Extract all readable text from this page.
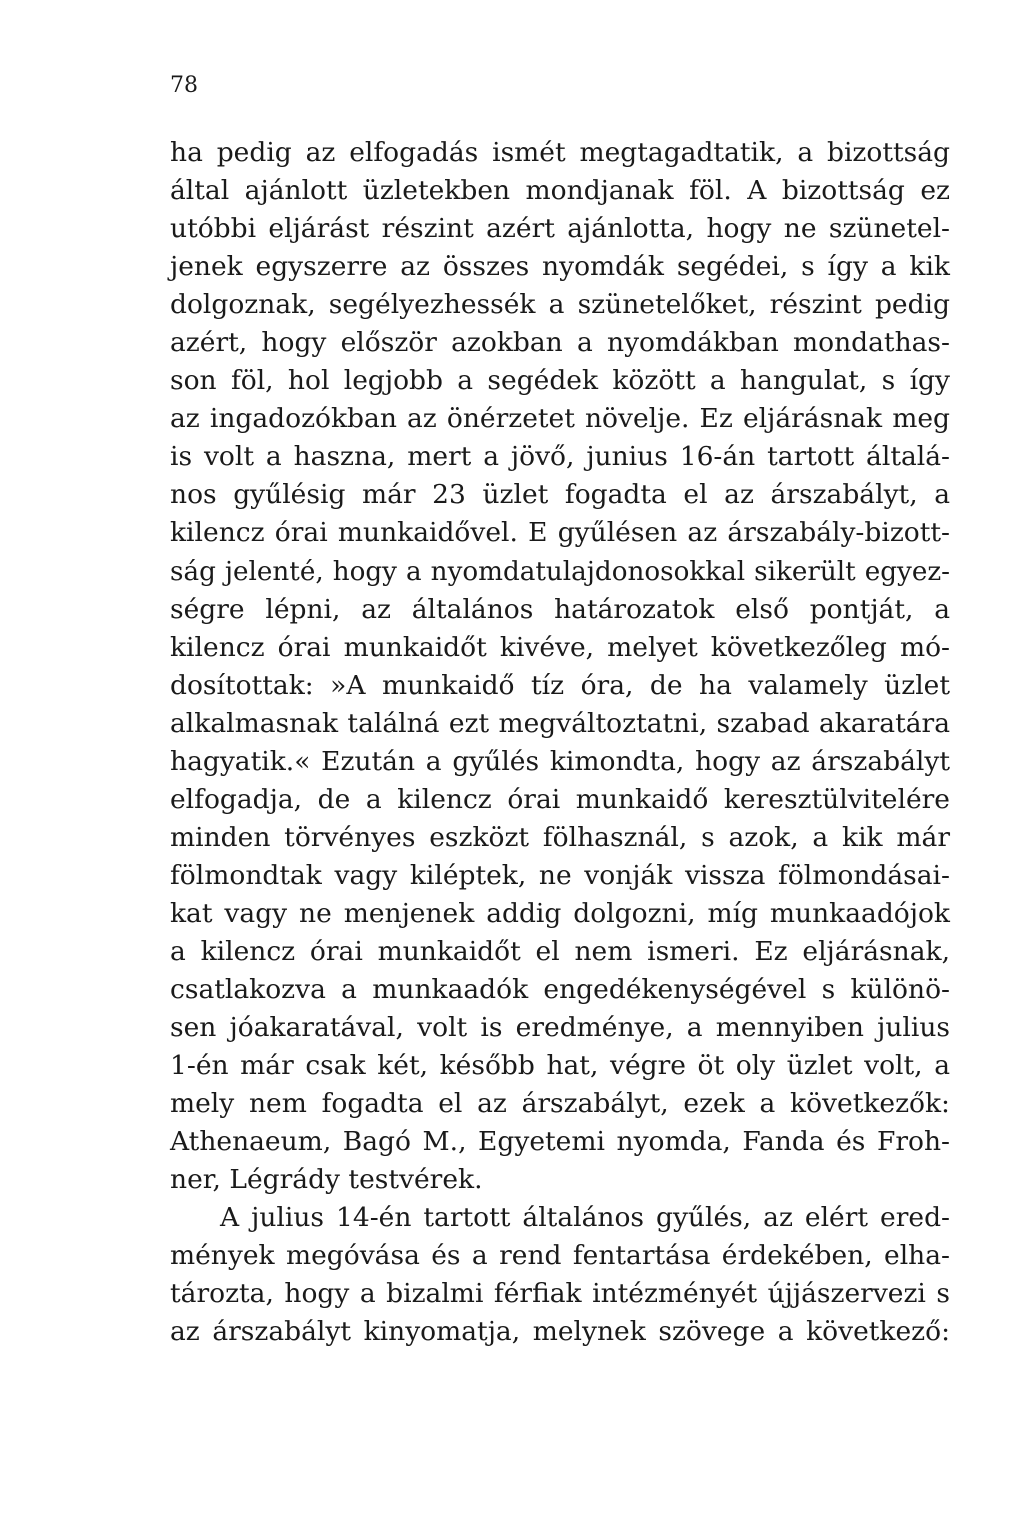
78
ha pedig az elfogadás ismét megtagadtatik, a bizottság
által ajánlott üzletekben mondjanak föl. A bizottság ez
utóbbi eljárást részint azért ajánlotta, hogy ne szünetel-
jenek egyszerre az összes nyomdák segédei, s így a kik
dolgoznak, segélyezhessék a szünetelőket, részint pedig
azért, hogy először azokban a nyomdákban mondathas-
son föl, hol legjobb a segédek között a hangulat, s így
az ingadozókban az önérzetet növelje. Ez eljárásnak meg
is volt a haszna, mert a jövő, junius 16-án tartott általá-
nos gyűlésig már 23 üzlet fogadta el az árszabályt, a
kilencz órai munkaidővel. E gyűlésen az árszabály-bizott-
ság jelenté, hogy a nyomdatulajdonosokkal sikerült egyez-
ségre lépni, az általános határozatok első pontját, a
kilencz órai munkaidőt kivéve, melyet következőleg mó-
dosítottak: »A munkaidő tíz óra, de ha valamely üzlet
alkalmasnak találná ezt megváltoztatni, szabad akaratára
hagyatik.« Ezután a gyűlés kimondta, hogy az árszabályt
elfogadja, de a kilencz órai munkaidő keresztülvitelére
minden törvényes eszközt fölhasznál, s azok, a kik már
fölmondtak vagy kiléptek, ne vonják vissza fölmondásai-
kat vagy ne menjenek addig dolgozni, míg munkaadójok
a kilencz órai munkaidőt el nem ismeri. Ez eljárásnak,
csatlakozva a munkaadók engedékenységével s különö-
sen jóakaratával, volt is eredménye, a mennyiben julius
1-én már csak két, később hat, végre öt oly üzlet volt, a
mely nem fogadta el az árszabályt, ezek a következők:
Athenaeum, Bagó M., Egyetemi nyomda, Fanda és Froh-
ner, Légrády testvérek.
A julius 14-én tartott általános gyűlés, az elért ered-
mények megóvása és a rend fentartása érdekében, elha-
tározta, hogy a bizalmi férfiak intézményét újjászervezi s
az árszabályt kinyomatja, melynek szövege a következő:
